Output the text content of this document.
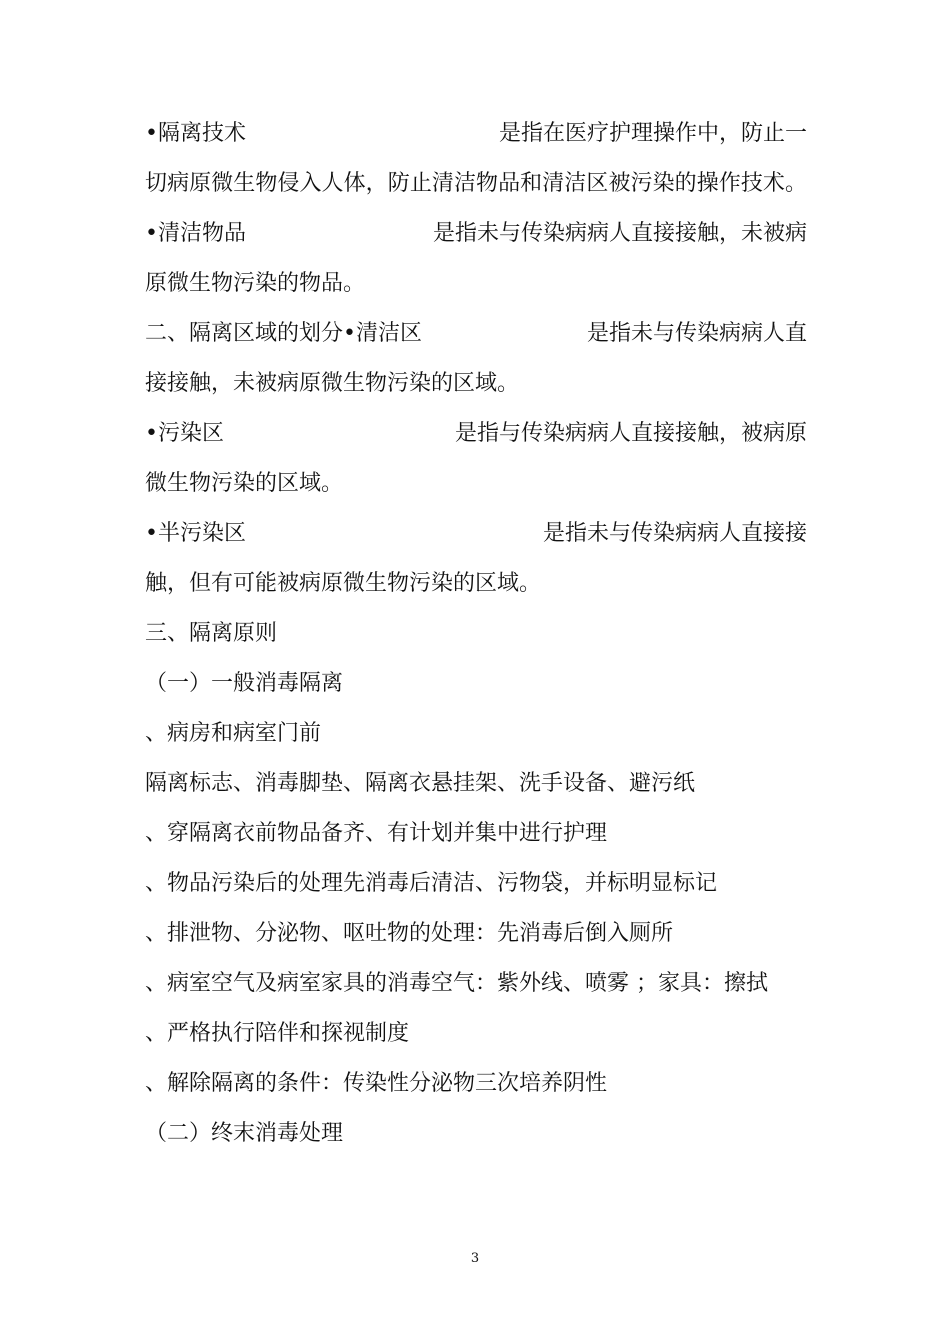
•隔离技术	是指在医疗护理操作中，防止一
切病原微生物侵入人体，防止清洁物品和清洁区被污染的操作技术。
•清洁物品	是指未与传染病病人直接接触，未被病
原微生物污染的物品。
二、隔离区域的划分•清洁区	是指未与传染病病人直
接接触，未被病原微生物污染的区域。
•污染区	是指与传染病病人直接接触，被病原
微生物污染的区域。
•半污染区	是指未与传染病病人直接接
触，但有可能被病原微生物污染的区域。
三、隔离原则
（一）一般消毒隔离
、病房和病室门前
隔离标志、消毒脚垫、隔离衣悬挂架、洗手设备、避污纸
、穿隔离衣前物品备齐、有计划并集中进行护理
、物品污染后的处理先消毒后清洁、污物袋，并标明显标记
、排泄物、分泌物、呕吐物的处理：先消毒后倒入厕所
、病室空气及病室家具的消毒空气：紫外线、喷雾 ；家具：擦拭
、严格执行陪伴和探视制度
、解除隔离的条件：传染性分泌物三次培养阴性
（二）终末消毒处理
3
